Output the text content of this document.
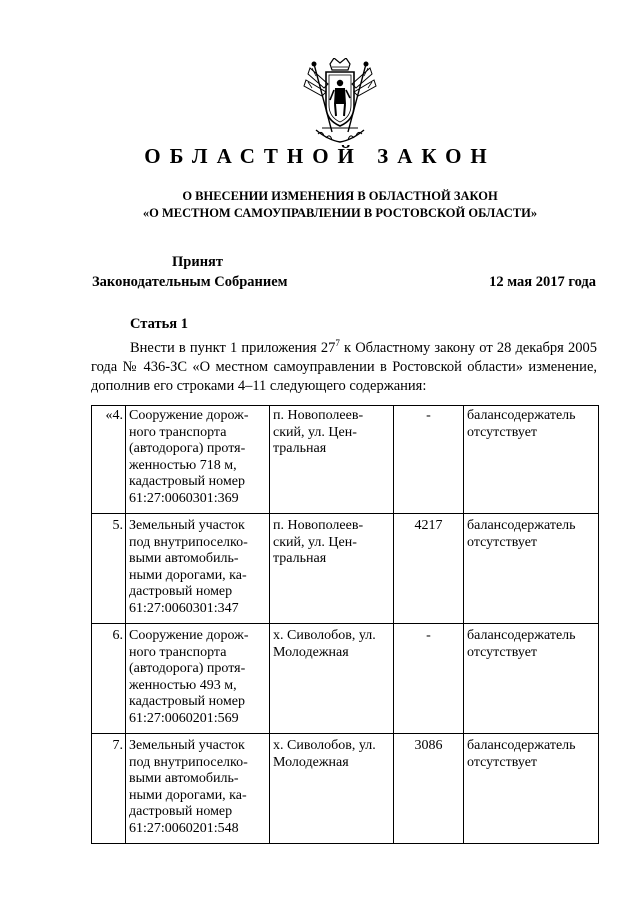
ОБЛАСТНОЙ ЗАКОН
О ВНЕСЕНИИ ИЗМЕНЕНИЯ В ОБЛАСТНОЙ ЗАКОН
«О МЕСТНОМ САМОУПРАВЛЕНИИ В РОСТОВСКОЙ ОБЛАСТИ»
Принят
Законодательным Собранием	12 мая 2017 года
Статья 1
Внести в пункт 1 приложения $27^7$ к Областному закону от 28 декабря 2005 года № 436-ЗС «О местном самоуправлении в Ростовской области» изменение, дополнив его строками 4–11 следующего содержания:
«4.	Сооружение дорож-ного транспорта (автодорога) протя-женностью 718 м, кадастровый номер 61:27:0060301:369	п. Новополеев-ский, ул. Цен-тральная	-	балансодержатель отсутствует
5.	Земельный участок под внутрипоселко-выми автомобиль-ными дорогами, ка-дастровый номер 61:27:0060301:347	п. Новополеев-ский, ул. Цен-тральная	4217	балансодержатель отсутствует
6.	Сооружение дорож-ного транспорта (автодорога) протя-женностью 493 м, кадастровый номер 61:27:0060201:569	х. Сиволобов, ул. Молодежная	-	балансодержатель отсутствует
7.	Земельный участок под внутрипоселко-выми автомобиль-ными дорогами, ка-дастровый номер 61:27:0060201:548	х. Сиволобов, ул. Молодежная	3086	балансодержатель отсутствует
